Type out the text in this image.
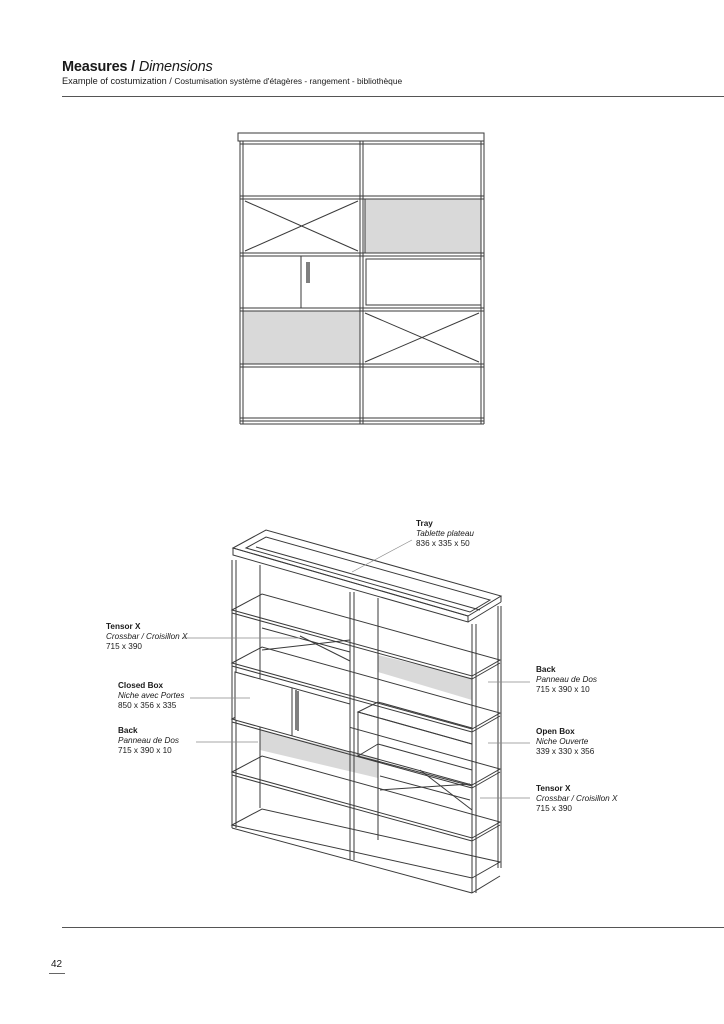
Measures / Dimensions
Example of costumization / Costumisation système d'étagères - rangement - bibliothèque
Tray
Tablette plateau
836 x 335 x 50
Tensor X
Crossbar / Croisillon X
715 x 390
Closed Box
Niche avec Portes
850 x 356 x 335
Back
Panneau de Dos
715 x 390 x 10
Back
Panneau de Dos
715 x 390 x 10
Open Box
Niche Ouverte
339 x 330 x 356
Tensor X
Crossbar / Croisillon X
715 x 390
42
